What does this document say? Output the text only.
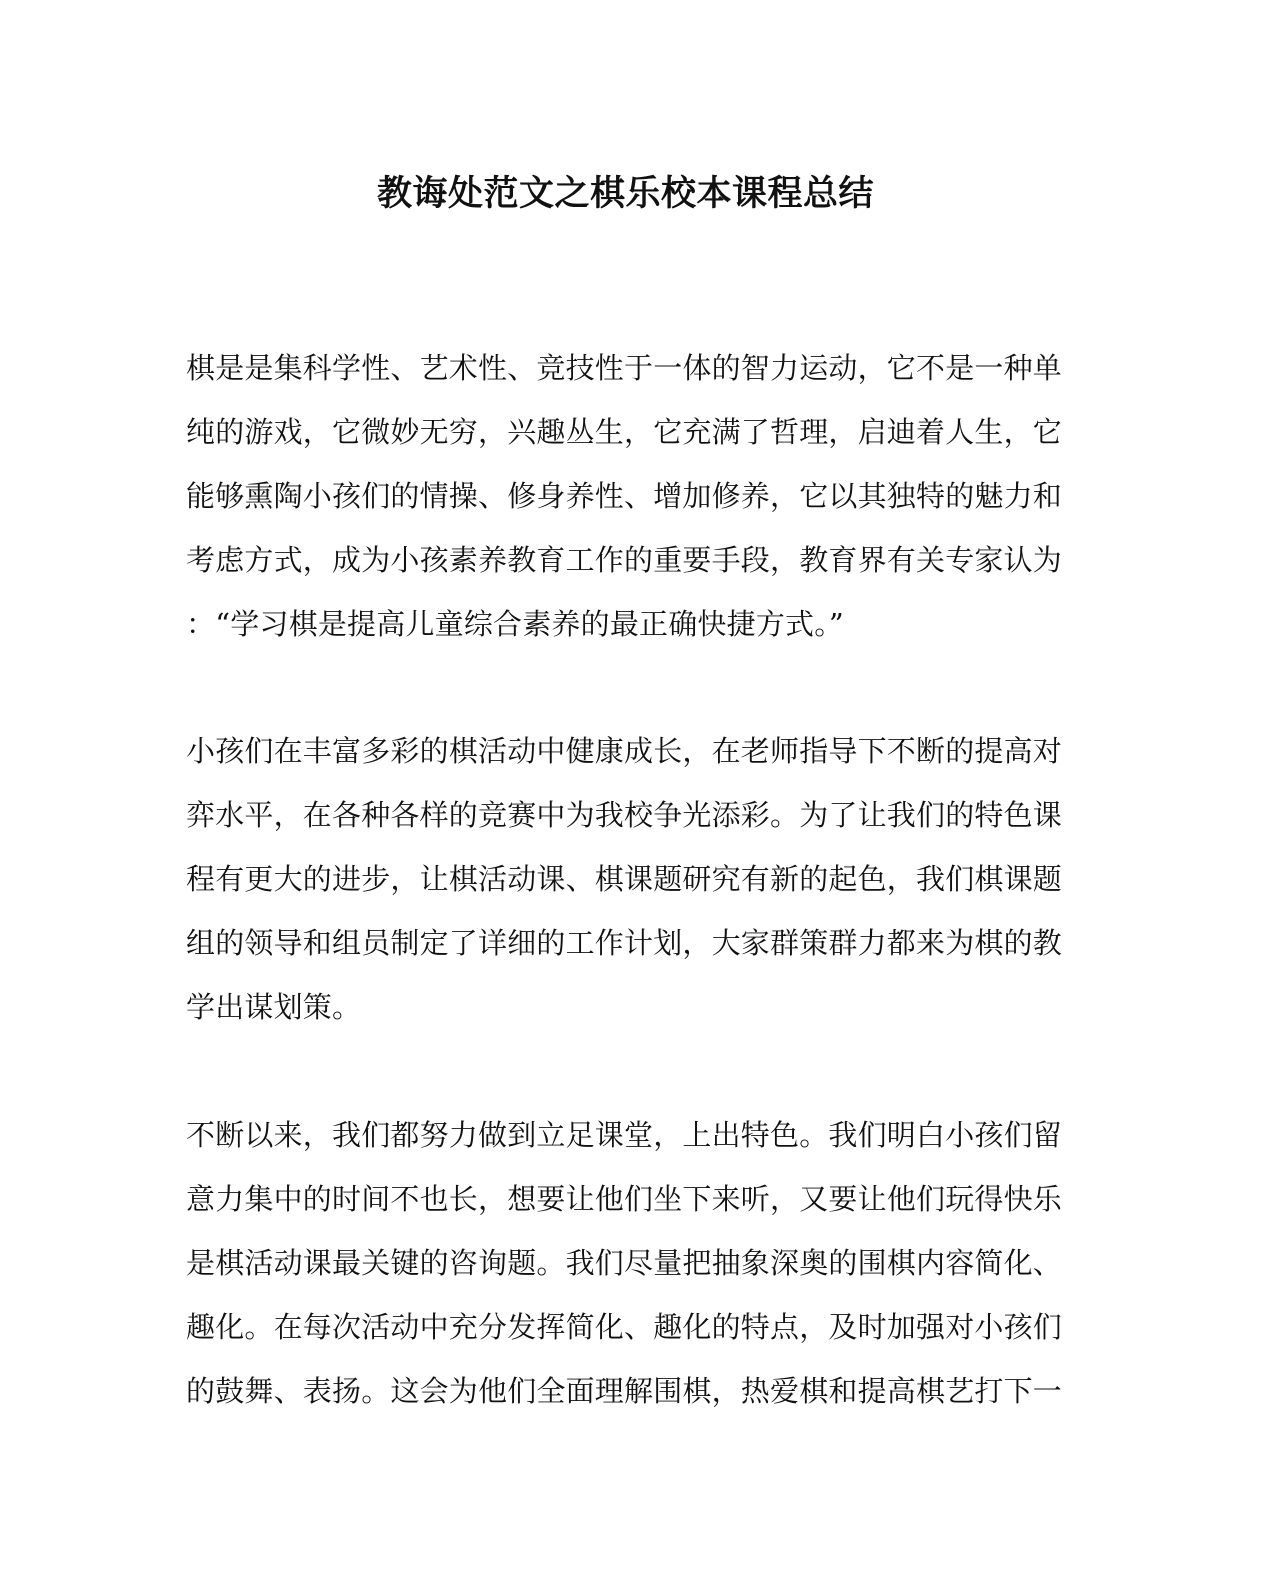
教诲处范文之棋乐校本课程总结
棋是是集科学性、艺术性、竞技性于一体的智力运动，它不是一种单
纯的游戏，它微妙无穷，兴趣丛生，它充满了哲理，启迪着人生，它
能够熏陶小孩们的情操、修身养性、增加修养，它以其独特的魅力和
考虑方式，成为小孩素养教育工作的重要手段，教育界有关专家认为
：“学习棋是提高儿童综合素养的最正确快捷方式。”
小孩们在丰富多彩的棋活动中健康成长，在老师指导下不断的提高对
弈水平，在各种各样的竞赛中为我校争光添彩。为了让我们的特色课
程有更大的进步，让棋活动课、棋课题研究有新的起色，我们棋课题
组的领导和组员制定了详细的工作计划，大家群策群力都来为棋的教
学出谋划策。
不断以来，我们都努力做到立足课堂，上出特色。我们明白小孩们留
意力集中的时间不也长，想要让他们坐下来听，又要让他们玩得快乐
是棋活动课最关键的咨询题。我们尽量把抽象深奥的围棋内容简化、
趣化。在每次活动中充分发挥简化、趣化的特点，及时加强对小孩们
的鼓舞、表扬。这会为他们全面理解围棋，热爱棋和提高棋艺打下一
